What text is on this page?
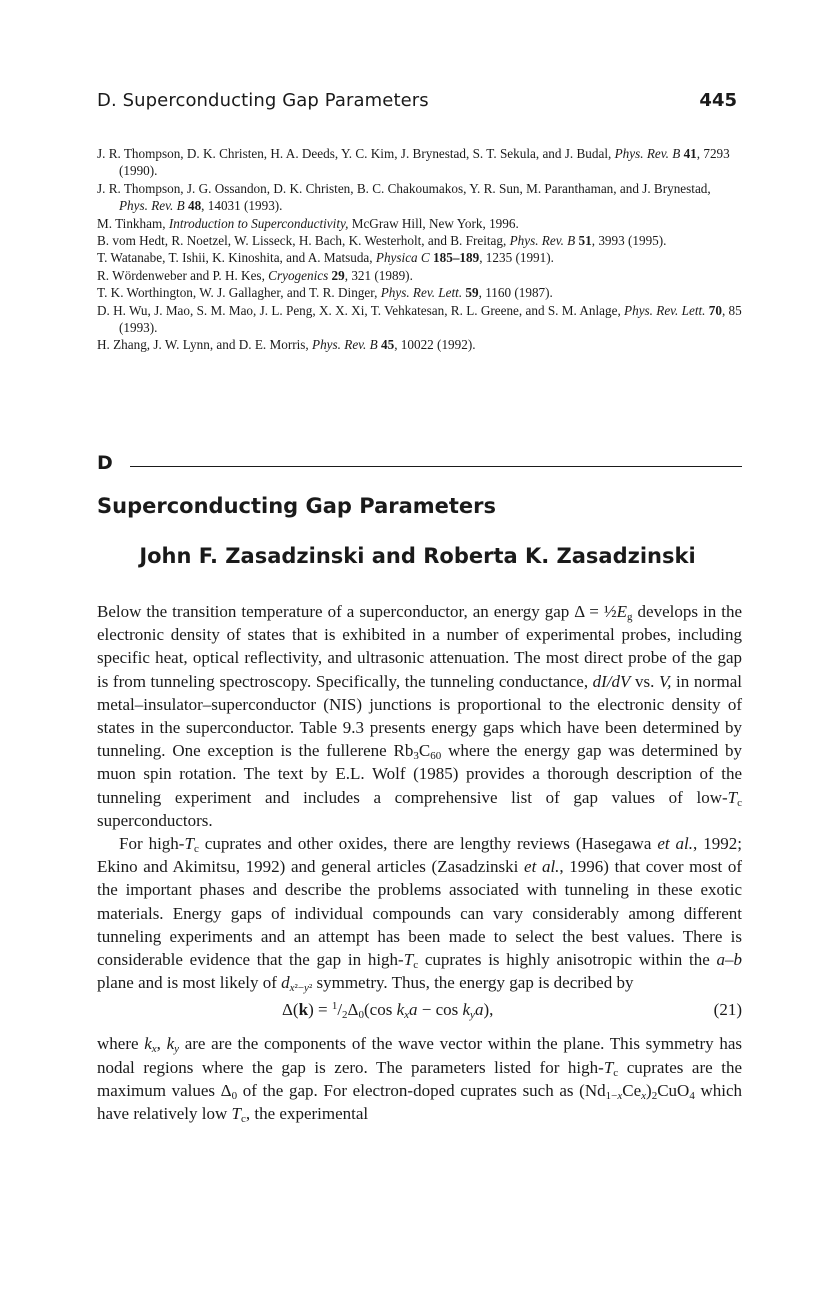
D. Superconducting Gap Parameters	445

J. R. Thompson, D. K. Christen, H. A. Deeds, Y. C. Kim, J. Brynestad, S. T. Sekula, and J. Budal, Phys. Rev. B 41, 7293 (1990).

J. R. Thompson, J. G. Ossandon, D. K. Christen, B. C. Chakoumakos, Y. R. Sun, M. Paranthaman, and J. Brynestad, Phys. Rev. B 48, 14031 (1993).

M. Tinkham, Introduction to Superconductivity, McGraw Hill, New York, 1996.

B. vom Hedt, R. Noetzel, W. Lisseck, H. Bach, K. Westerholt, and B. Freitag, Phys. Rev. B 51, 3993 (1995).

T. Watanabe, T. Ishii, K. Kinoshita, and A. Matsuda, Physica C 185–189, 1235 (1991).

R. Wördenweber and P. H. Kes, Cryogenics 29, 321 (1989).

T. K. Worthington, W. J. Gallagher, and T. R. Dinger, Phys. Rev. Lett. 59, 1160 (1987).

D. H. Wu, J. Mao, S. M. Mao, J. L. Peng, X. X. Xi, T. Vehkatesan, R. L. Greene, and S. M. Anlage, Phys. Rev. Lett. 70, 85 (1993).

H. Zhang, J. W. Lynn, and D. E. Morris, Phys. Rev. B 45, 10022 (1992).

D
Superconducting Gap Parameters
John F. Zasadzinski and Roberta K. Zasadzinski

Below the transition temperature of a superconductor, an energy gap $\Delta = \frac{1}{2}E_g$ develops in the electronic density of states that is exhibited in a number of experimental probes, including specific heat, optical reflectivity, and ultrasonic attenuation. The most direct probe of the gap is from tunneling spectroscopy. Specifically, the tunneling conductance, dI/dV vs. V, in normal metal–insulator–superconductor (NIS) junctions is proportional to the electronic density of states in the superconductor. Table 9.3 presents energy gaps which have been determined by tunneling. One exception is the fullerene $Rb_3C_{60}$ where the energy gap was determined by muon spin rotation. The text by E.L. Wolf (1985) provides a thorough description of the tunneling experiment and includes a comprehensive list of gap values of low-$T_c$ superconductors.

For high-$T_c$ cuprates and other oxides, there are lengthy reviews (Hasegawa et al., 1992; Ekino and Akimitsu, 1992) and general articles (Zasadzinski et al., 1996) that cover most of the important phases and describe the problems associated with tunneling in these exotic materials. Energy gaps of individual compounds can vary considerably among different tunneling experiments and an attempt has been made to select the best values. There is considerable evidence that the gap in high-$T_c$ cuprates is highly anisotropic within the a–b plane and is most likely of $d_{x^2-y^2}$ symmetry. Thus, the energy gap is decribed by

$\Delta(k) = ^1/_2\Delta_0(\cos$ $k_xa - \cos k_ya$),	(21)

where $k_x$, $k_y$ are are the components of the wave vector within the plane. This symmetry has nodal regions where the gap is zero. The parameters listed for high-$T_c$ cuprates are the maximum values $\Delta_0$ of the gap. For electron-doped cuprates such as $(Nd_{1-x}Ce_x)_2CuO_4$ which have relatively low $T_c$, the experimental
